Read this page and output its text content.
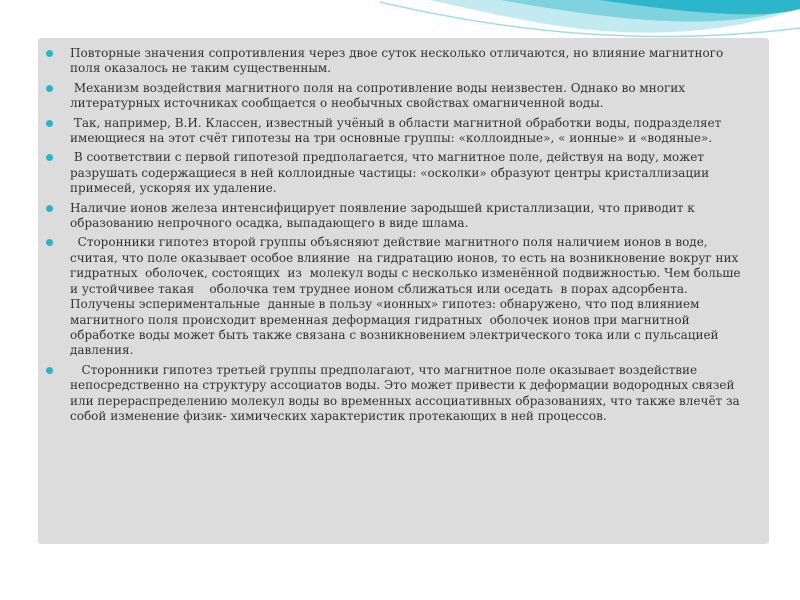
Повторные значения сопротивления через двое суток несколько отличаются, но влияние магнитного поля оказалось не таким существенным.
Механизм воздействия магнитного поля на сопротивление воды неизвестен. Однако во многих литературных источниках сообщается о необычных свойствах омагниченной воды.
Так, например, В.И. Классен, известный учёный в области магнитной обработки воды, подразделяет имеющиеся на этот счёт гипотезы на три основные группы: «коллоидные», « ионные» и «водяные».
В соответствии с первой гипотезой предполагается, что магнитное поле, действуя на воду, может разрушать содержащиеся в ней коллоидные частицы: «осколки» образуют центры кристаллизации примесей, ускоряя их удаление.
Наличие ионов железа интенсифицирует появление зародышей кристаллизации, что приводит к образованию непрочного осадка, выпадающего в виде шлама.
Сторонники гипотез второй группы объясняют действие магнитного поля наличием ионов в воде, считая, что поле оказывает особое влияние  на гидратацию ионов, то есть на возникновение вокруг них гидратных  оболочек, состоящих  из  молекул воды с несколько изменённой подвижностью. Чем больше и устойчивее такая    оболочка тем труднее ионом сближаться или оседать  в порах адсорбента. Получены эспериментальные  данные в пользу «ионных» гипотез: обнаружено, что под влиянием магнитного поля происходит временная деформация гидратных  оболочек ионов при магнитной обработке воды может быть также связана с возникновением электрического тока или с пульсацией давления.
Сторонники гипотез третьей группы предполагают, что магнитное поле оказывает воздействие непосредственно на структуру ассоциатов воды. Это может привести к деформации водородных связей или перераспределению молекул воды во временных ассоциативных образованиях, что также влечёт за собой изменение физик- химических характеристик протекающих в ней процессов.
